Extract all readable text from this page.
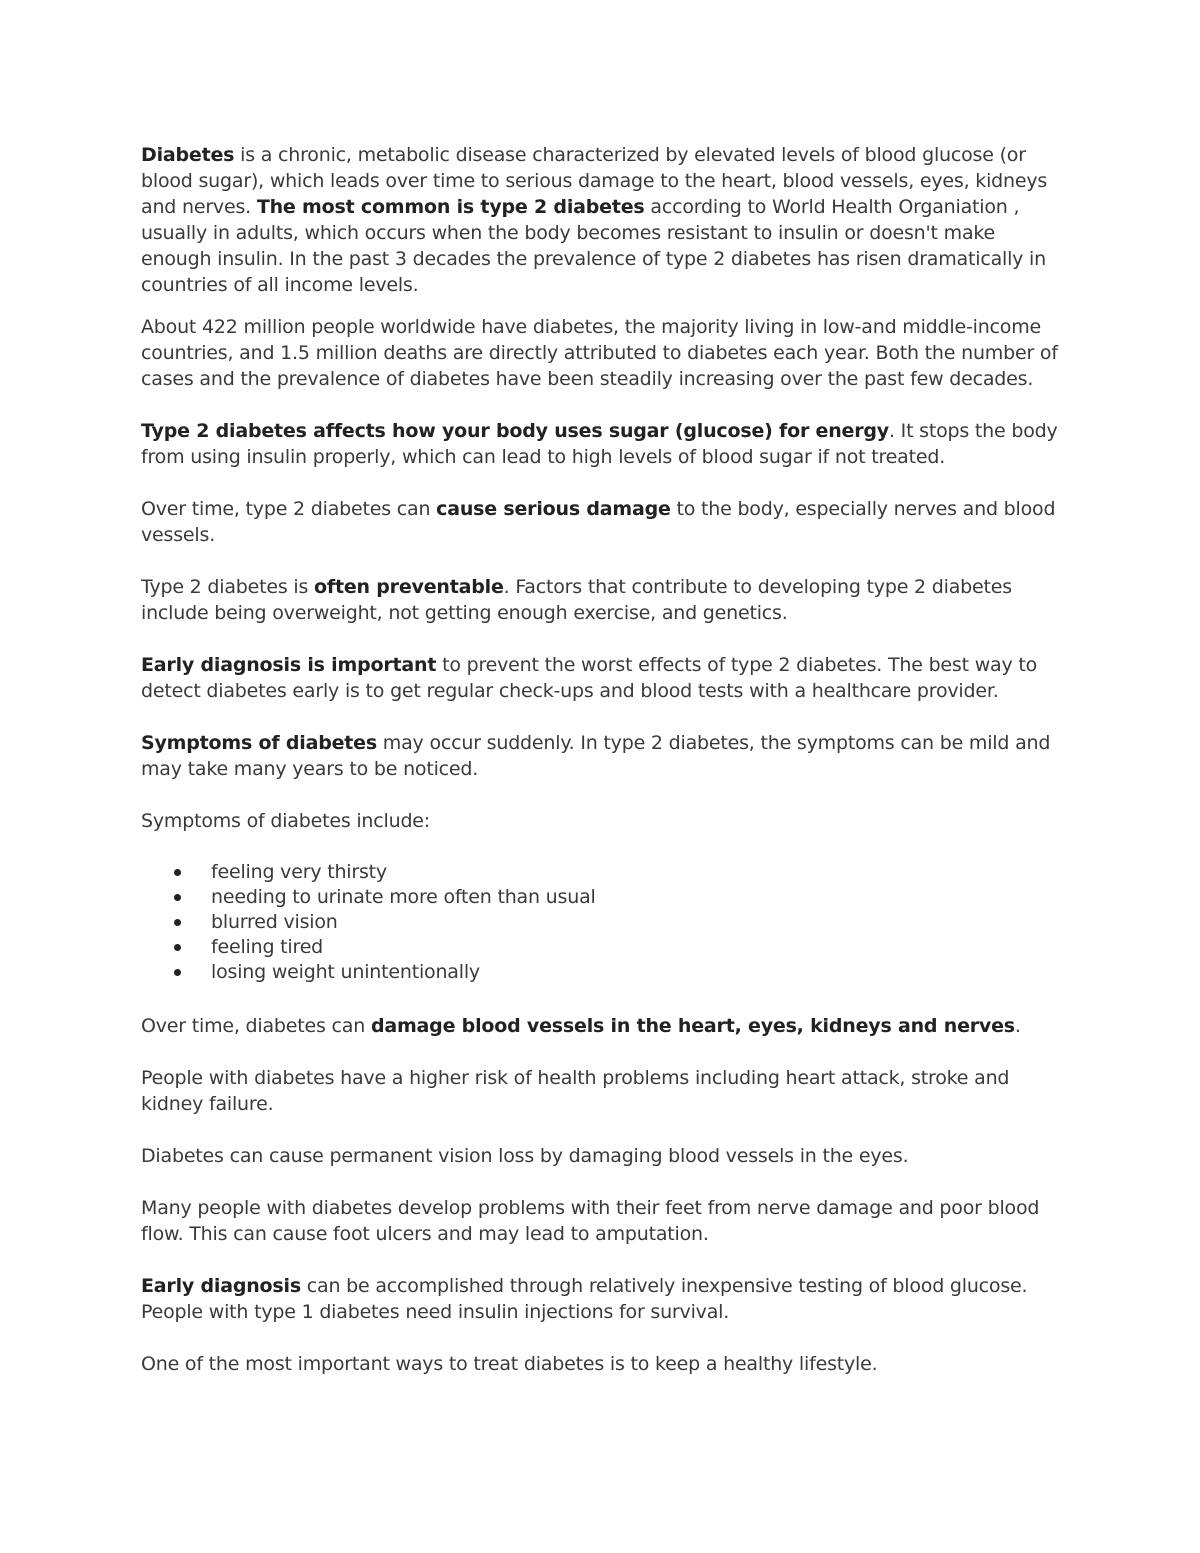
Diabetes is a chronic, metabolic disease characterized by elevated levels of blood glucose (or blood sugar), which leads over time to serious damage to the heart, blood vessels, eyes, kidneys and nerves. The most common is type 2 diabetes according to World Health Organiation , usually in adults, which occurs when the body becomes resistant to insulin or doesn't make enough insulin. In the past 3 decades the prevalence of type 2 diabetes has risen dramatically in countries of all income levels.

About 422 million people worldwide have diabetes, the majority living in low-and middle-income countries, and 1.5 million deaths are directly attributed to diabetes each year. Both the number of cases and the prevalence of diabetes have been steadily increasing over the past few decades.

Type 2 diabetes affects how your body uses sugar (glucose) for energy. It stops the body from using insulin properly, which can lead to high levels of blood sugar if not treated.

Over time, type 2 diabetes can cause serious damage to the body, especially nerves and blood vessels.

Type 2 diabetes is often preventable. Factors that contribute to developing type 2 diabetes include being overweight, not getting enough exercise, and genetics.

Early diagnosis is important to prevent the worst effects of type 2 diabetes. The best way to detect diabetes early is to get regular check-ups and blood tests with a healthcare provider.

Symptoms of diabetes may occur suddenly. In type 2 diabetes, the symptoms can be mild and may take many years to be noticed.

Symptoms of diabetes include:

feeling very thirsty
needing to urinate more often than usual
blurred vision
feeling tired
losing weight unintentionally

Over time, diabetes can damage blood vessels in the heart, eyes, kidneys and nerves.

People with diabetes have a higher risk of health problems including heart attack, stroke and kidney failure.

Diabetes can cause permanent vision loss by damaging blood vessels in the eyes.

Many people with diabetes develop problems with their feet from nerve damage and poor blood flow. This can cause foot ulcers and may lead to amputation.

Early diagnosis can be accomplished through relatively inexpensive testing of blood glucose. People with type 1 diabetes need insulin injections for survival.

One of the most important ways to treat diabetes is to keep a healthy lifestyle.
